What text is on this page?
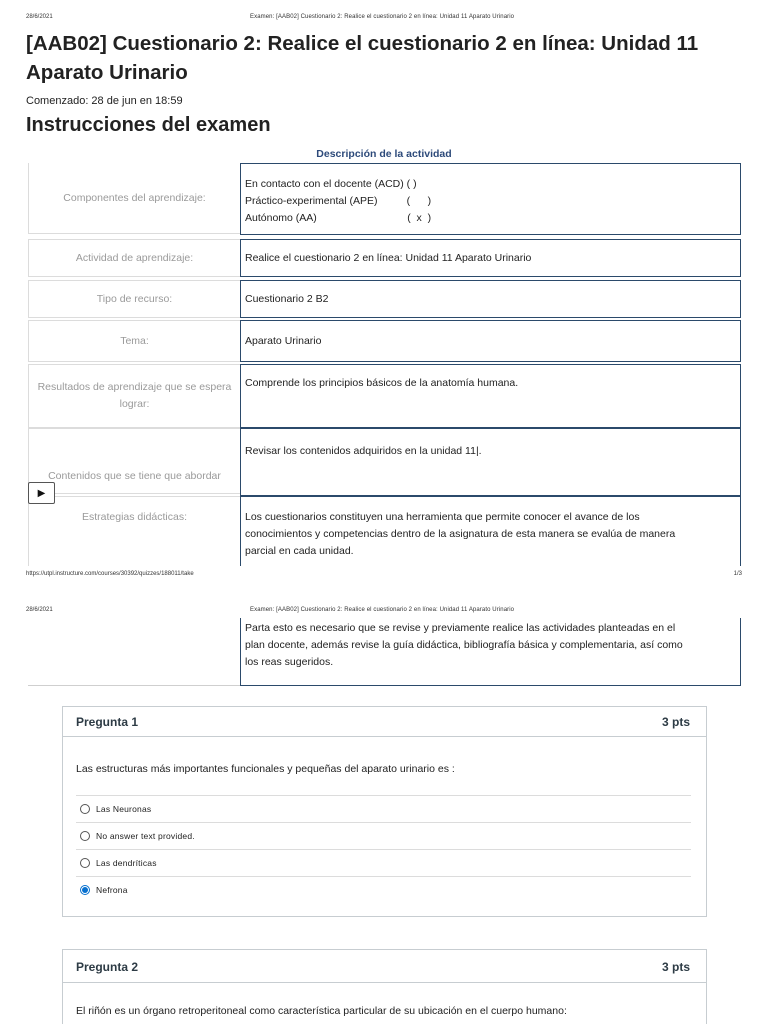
28/6/2021	Examen: [AAB02] Cuestionario 2: Realice el cuestionario 2 en línea: Unidad 11 Aparato Urinario
[AAB02] Cuestionario 2: Realice el cuestionario 2 en línea: Unidad 11 Aparato Urinario
Comenzado: 28 de jun en 18:59
Instrucciones del examen
Descripción de la actividad
Componentes del aprendizaje:
En contacto con el docente (ACD) ( )
Práctico-experimental (APE)          (      )
Autónomo (AA)                               (  x  )
Actividad de aprendizaje:	Realice el cuestionario 2 en línea: Unidad 11 Aparato Urinario
Tipo de recurso:	Cuestionario 2 B2
Tema:	Aparato Urinario
Resultados de aprendizaje que se espera lograr:
Comprende los principios básicos de la anatomía humana.
Contenidos que se tiene que abordar
Revisar los contenidos adquiridos en la unidad 11|.
Estrategias didácticas:	Los cuestionarios constituyen una herramienta que permite conocer el avance de los
conocimientos y competencias dentro de la asignatura de esta manera se evalúa de manera
parcial en cada unidad.
▶
https://utpl.instructure.com/courses/30392/quizzes/188011/take	1/3
28/6/2021	Examen: [AAB02] Cuestionario 2: Realice el cuestionario 2 en línea: Unidad 11 Aparato Urinario
Parta esto es necesario que se revise y previamente realice las actividades planteadas en el
plan docente, además revise la guía didáctica, bibliografía básica y complementaria, así como
los reas sugeridos.
Pregunta 1	3 pts
Las estructuras más importantes funcionales y pequeñas del aparato urinario es :
Las Neuronas
No answer text provided.
Las dendríticas
Nefrona
Pregunta 2	3 pts
El riñón es un órgano retroperitoneal como característica particular de su ubicación en el cuerpo humano:
